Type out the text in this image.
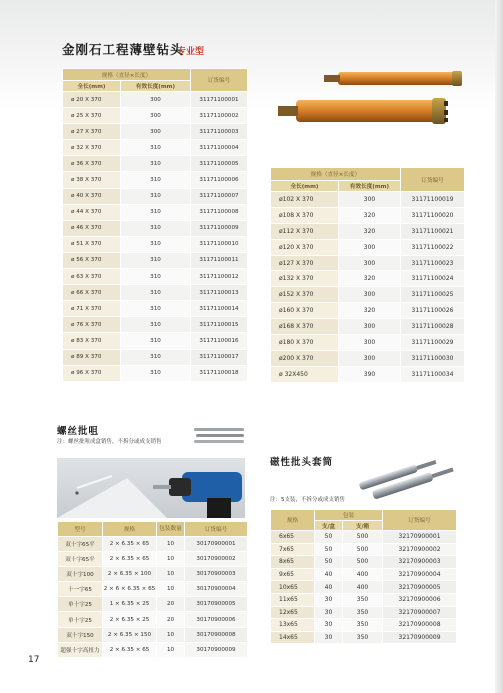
金刚石工程薄壁钻头
专业型
规格（直径×长度）		订货编号
全长(mm)	有效长度(mm)	
ø 20 X 370	300	31171100001
ø 25 X 370	300	31171100002
ø 27 X 370	300	31171100003
ø 32 X 370	310	31171100004
ø 36 X 370	310	31171100005
ø 38 X 370	310	31171100006
ø 40 X 370	310	31171100007
ø 44 X 370	310	31171100008
ø 46 X 370	310	31171100009
ø 51 X 370	310	31171100010
ø 56 X 370	310	31171100011
ø 63 X 370	310	31171100012
ø 66 X 370	310	31171100013
ø 71 X 370	310	31171100014
ø 76 X 370	310	31171100015
ø 83 X 370	310	31171100016
ø 89 X 370	310	31171100017
ø 96 X 370	310	31171100018
规格（直径×长度）		订货编号
全长(mm)	有效长度(mm)	
ø102 X 370	300	31171100019
ø108 X 370	320	31171100020
ø112 X 370	320	31171100021
ø120 X 370	300	31171100022
ø127 X 370	300	31171100023
ø132 X 370	320	31171100024
ø152 X 370	300	31171100025
ø160 X 370	320	31171100026
ø168 X 370	300	31171100028
ø180 X 370	300	31171100029
ø200 X 370	300	31171100030
ø 32X450	390	31171100034
螺丝批咀
注：螺丝批咀成盒销售，不拆分或成支销售
型号	规格	包装数量	订货编号
双十字65平	2 × 6.35 × 65	10	30170900001
双十字65平	2 × 6.35 × 65	10	30170900002
双十字100	2 × 6.35 × 100	10	30170900003
十一字65	2 × 6 × 6.35 × 65	10	30170900004
单十字25	1 × 6.35 × 25	20	30170900005
单十字25	2 × 6.35 × 25	20	30170900006
双十字150	2 × 6.35 × 150	10	30170900008
超强十字高扭力	2 × 6.35 × 65	10	30170900009
磁性批头套筒
注：5支装，不拆分或成支销售
规格	包装		订货编号
	支/盒	支/箱	
6x65	50	500	32170900001
7x65	50	500	32170900002
8x65	50	500	32170900003
9x65	40	400	32170900004
10x65	40	400	32170900005
11x65	30	350	32170900006
12x65	30	350	32170900007
13x65	30	350	32170900008
14x65	30	350	32170900009
17
